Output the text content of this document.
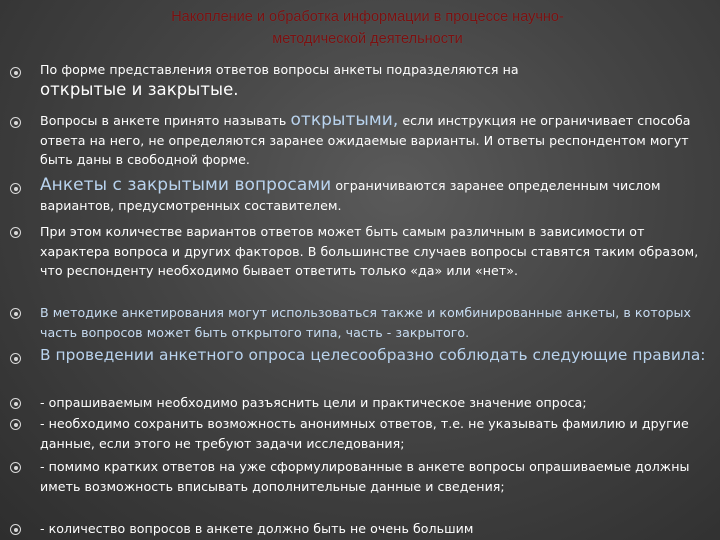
Накопление и обработка информации в процессе научно-
методической деятельности
По форме представления ответов вопросы анкеты подразделяются на
открытые и закрытые.
Вопросы в анкете принято называть открытыми, если инструкция не ограничивает способа ответа на него, не определяются заранее ожидаемые варианты. И ответы респондентом могут быть даны в свободной форме.
Анкеты с закрытыми вопросами ограничиваются заранее определенным числом вариантов, предусмотренных составителем.
При этом количестве вариантов ответов может быть самым различным в зависимости от характера вопроса и других факторов. В большинстве случаев вопросы ставятся таким образом, что респонденту необходимо бывает ответить только «да» или «нет».
В методике анкетирования могут использоваться также и комбинированные анкеты, в которых часть вопросов может быть открытого типа, часть - закрытого.
В проведении анкетного опроса целесообразно соблюдать следующие правила:
- опрашиваемым необходимо разъяснить цели и практическое значение опроса;
- необходимо сохранить возможность анонимных ответов, т.е. не указывать фамилию и другие данные, если этого не требуют задачи исследования;
- помимо кратких ответов на уже сформулированные в анкете вопросы опрашиваемые должны иметь возможность вписывать дополнительные данные и сведения;
- количество вопросов в анкете должно быть не очень большим
